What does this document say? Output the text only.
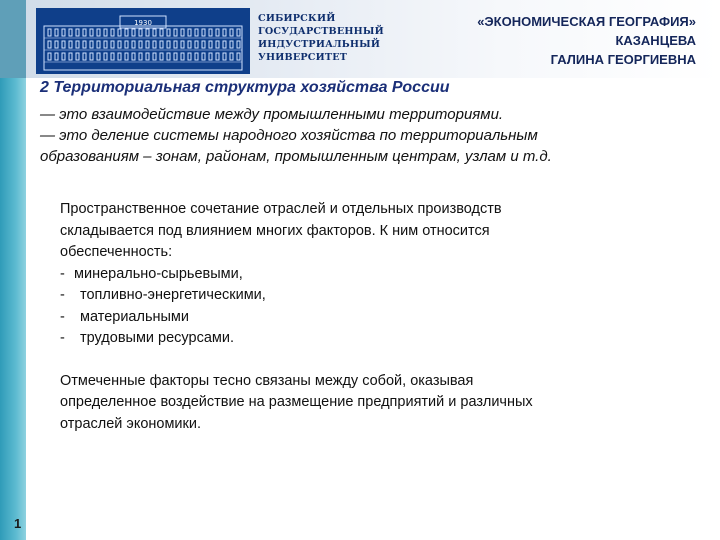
1930	СИБИРСКИЙ
ГОСУДАРСТВЕННЫЙ
ИНДУСТРИАЛЬНЫЙ
УНИВЕРСИТЕТ
«ЭКОНОМИЧЕСКАЯ ГЕОГРАФИЯ»
КАЗАНЦЕВА
ГАЛИНА ГЕОРГИЕВНА
2 Территориальная структура хозяйства России
— это взаимодействие между промышленными территориями.
— это деление системы народного хозяйства по территориальным
образованиям – зонам, районам, промышленным центрам, узлам и т.д.

Пространственное сочетание отраслей и отдельных производств

складывается под влиянием многих факторов. К ним относится

обеспеченность:

- минерально-сырьевыми,
-	топливно-энергетическими,
-	материальными
-	трудовыми ресурсами.

Отмеченные факторы тесно связаны между собой, оказывая

определенное воздействие на размещение предприятий и различных

отраслей экономики.

1
